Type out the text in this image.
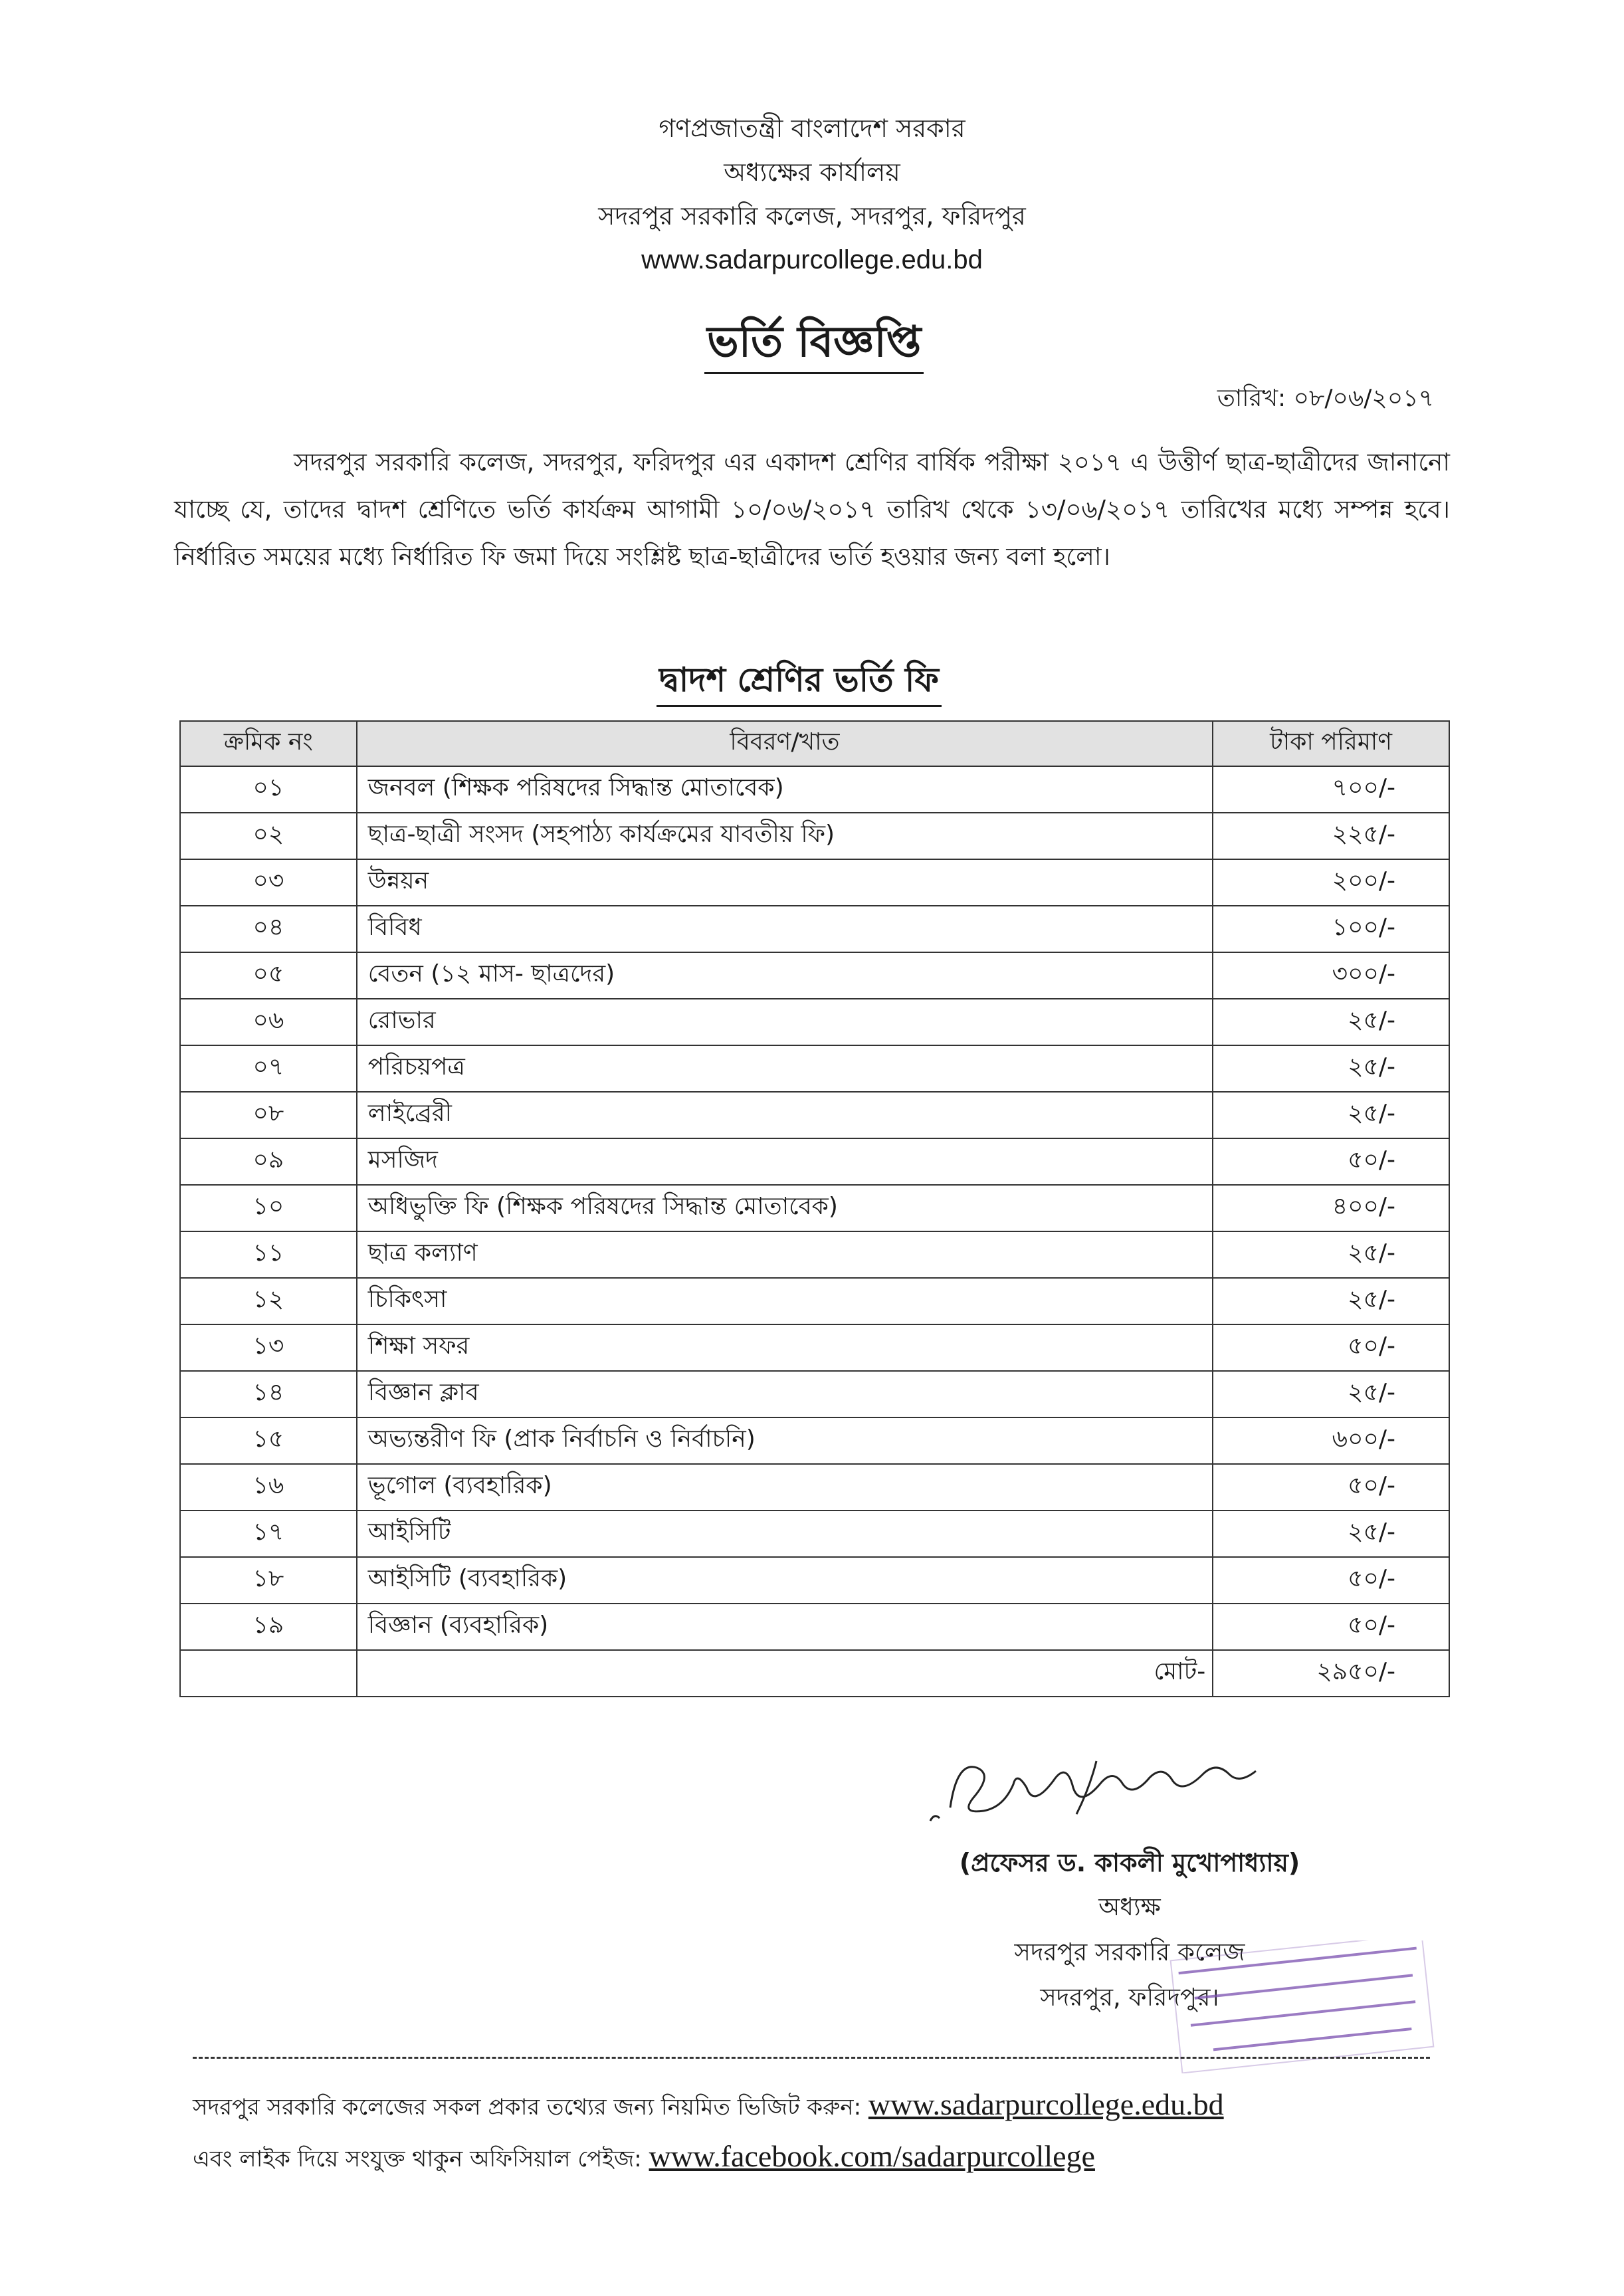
গণপ্রজাতন্ত্রী বাংলাদেশ সরকার
অধ্যক্ষের কার্যালয়
সদরপুর সরকারি কলেজ, সদরপুর, ফরিদপুর
www.sadarpurcollege.edu.bd
ভর্তি বিজ্ঞপ্তি
তারিখ: ০৮/০৬/২০১৭
সদরপুর সরকারি কলেজ, সদরপুর, ফরিদপুর এর একাদশ শ্রেণির বার্ষিক পরীক্ষা ২০১৭ এ উত্তীর্ণ ছাত্র-ছাত্রীদের জানানো যাচ্ছে যে, তাদের দ্বাদশ শ্রেণিতে ভর্তি কার্যক্রম আগামী ১০/০৬/২০১৭ তারিখ থেকে ১৩/০৬/২০১৭ তারিখের মধ্যে সম্পন্ন হবে। নির্ধারিত সময়ের মধ্যে নির্ধারিত ফি জমা দিয়ে সংশ্লিষ্ট ছাত্র-ছাত্রীদের ভর্তি হওয়ার জন্য বলা হলো।
দ্বাদশ শ্রেণির ভর্তি ফি
ক্রমিক নং	বিবরণ/খাত	টাকা পরিমাণ
০১	জনবল (শিক্ষক পরিষদের সিদ্ধান্ত মোতাবেক)	৭০০/-
০২	ছাত্র-ছাত্রী সংসদ (সহপাঠ্য কার্যক্রমের যাবতীয় ফি)	২২৫/-
০৩	উন্নয়ন	২০০/-
০৪	বিবিধ	১০০/-
০৫	বেতন (১২ মাস- ছাত্রদের)	৩০০/-
০৬	রোভার	২৫/-
০৭	পরিচয়পত্র	২৫/-
০৮	লাইব্রেরী	২৫/-
০৯	মসজিদ	৫০/-
১০	অধিভুক্তি ফি (শিক্ষক পরিষদের সিদ্ধান্ত মোতাবেক)	৪০০/-
১১	ছাত্র কল্যাণ	২৫/-
১২	চিকিৎসা	২৫/-
১৩	শিক্ষা সফর	৫০/-
১৪	বিজ্ঞান ক্লাব	২৫/-
১৫	অভ্যন্তরীণ ফি (প্রাক নির্বাচনি ও নির্বাচনি)	৬০০/-
১৬	ভূগোল (ব্যবহারিক)	৫০/-
১৭	আইসিটি	২৫/-
১৮	আইসিটি (ব্যবহারিক)	৫০/-
১৯	বিজ্ঞান (ব্যবহারিক)	৫০/-
	মোট-	২৯৫০/-
(প্রফেসর ড. কাকলী মুখোপাধ্যায়)
অধ্যক্ষ
সদরপুর সরকারি কলেজ
সদরপুর, ফরিদপুর।
সদরপুর সরকারি কলেজের সকল প্রকার তথ্যের জন্য নিয়মিত ভিজিট করুন: www.sadarpurcollege.edu.bd
এবং লাইক দিয়ে সংযুক্ত থাকুন অফিসিয়াল পেইজ: www.facebook.com/sadarpurcollege
